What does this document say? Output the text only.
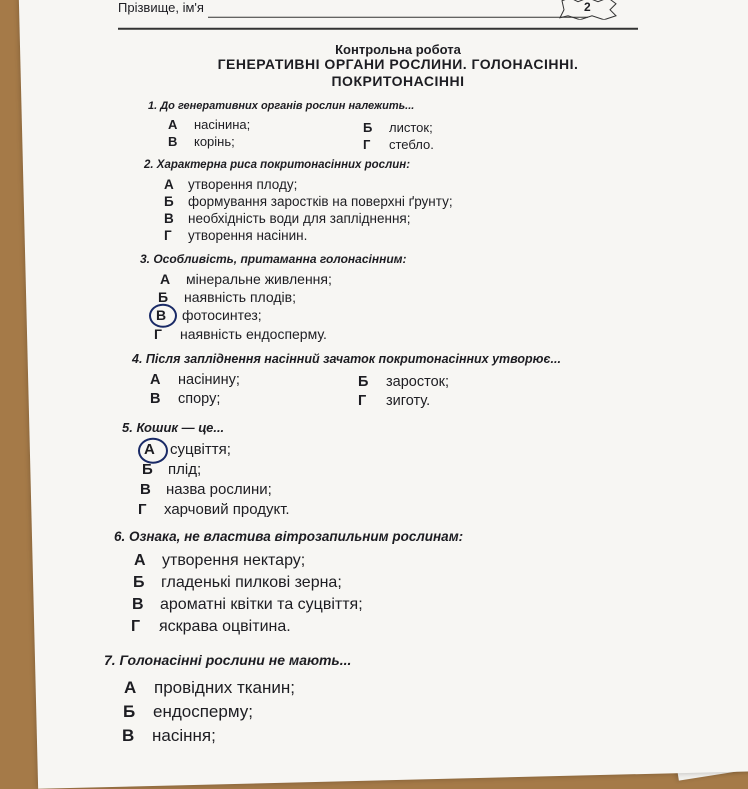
Прізвище, ім'я	2
Контрольна робота
ГЕНЕРАТИВНІ ОРГАНИ РОСЛИНИ. ГОЛОНАСІННІ.
ПОКРИТОНАСІННІ
1. До генеративних органів рослин належить...
А насінина;	Б листок;
В корінь;	Г стебло.
2. Характерна риса покритонасінних рослин:
А утворення плоду;
Б формування заростків на поверхні ґрунту;
В необхідність води для запліднення;
Г утворення насінин.
3. Особливість, притаманна голонасінним:
А мінеральне живлення;
Б наявність плодів;
В фотосинтез;
Г наявність ендосперму.
4. Після запліднення насінний зачаток покритонасінних утворює...
А насінину;	Б заросток;
В спору;	Г зиготу.
5. Кошик — це...
А суцвіття;
Б плід;
В назва рослини;
Г харчовий продукт.
6. Ознака, не властива вітрозапильним рослинам:
А утворення нектару;
Б гладенькі пилкові зерна;
В ароматні квітки та суцвіття;
Г яскрава оцвітина.
7. Голонасінні рослини не мають...
А провідних тканин;
Б ендосперму;
В насіння;
